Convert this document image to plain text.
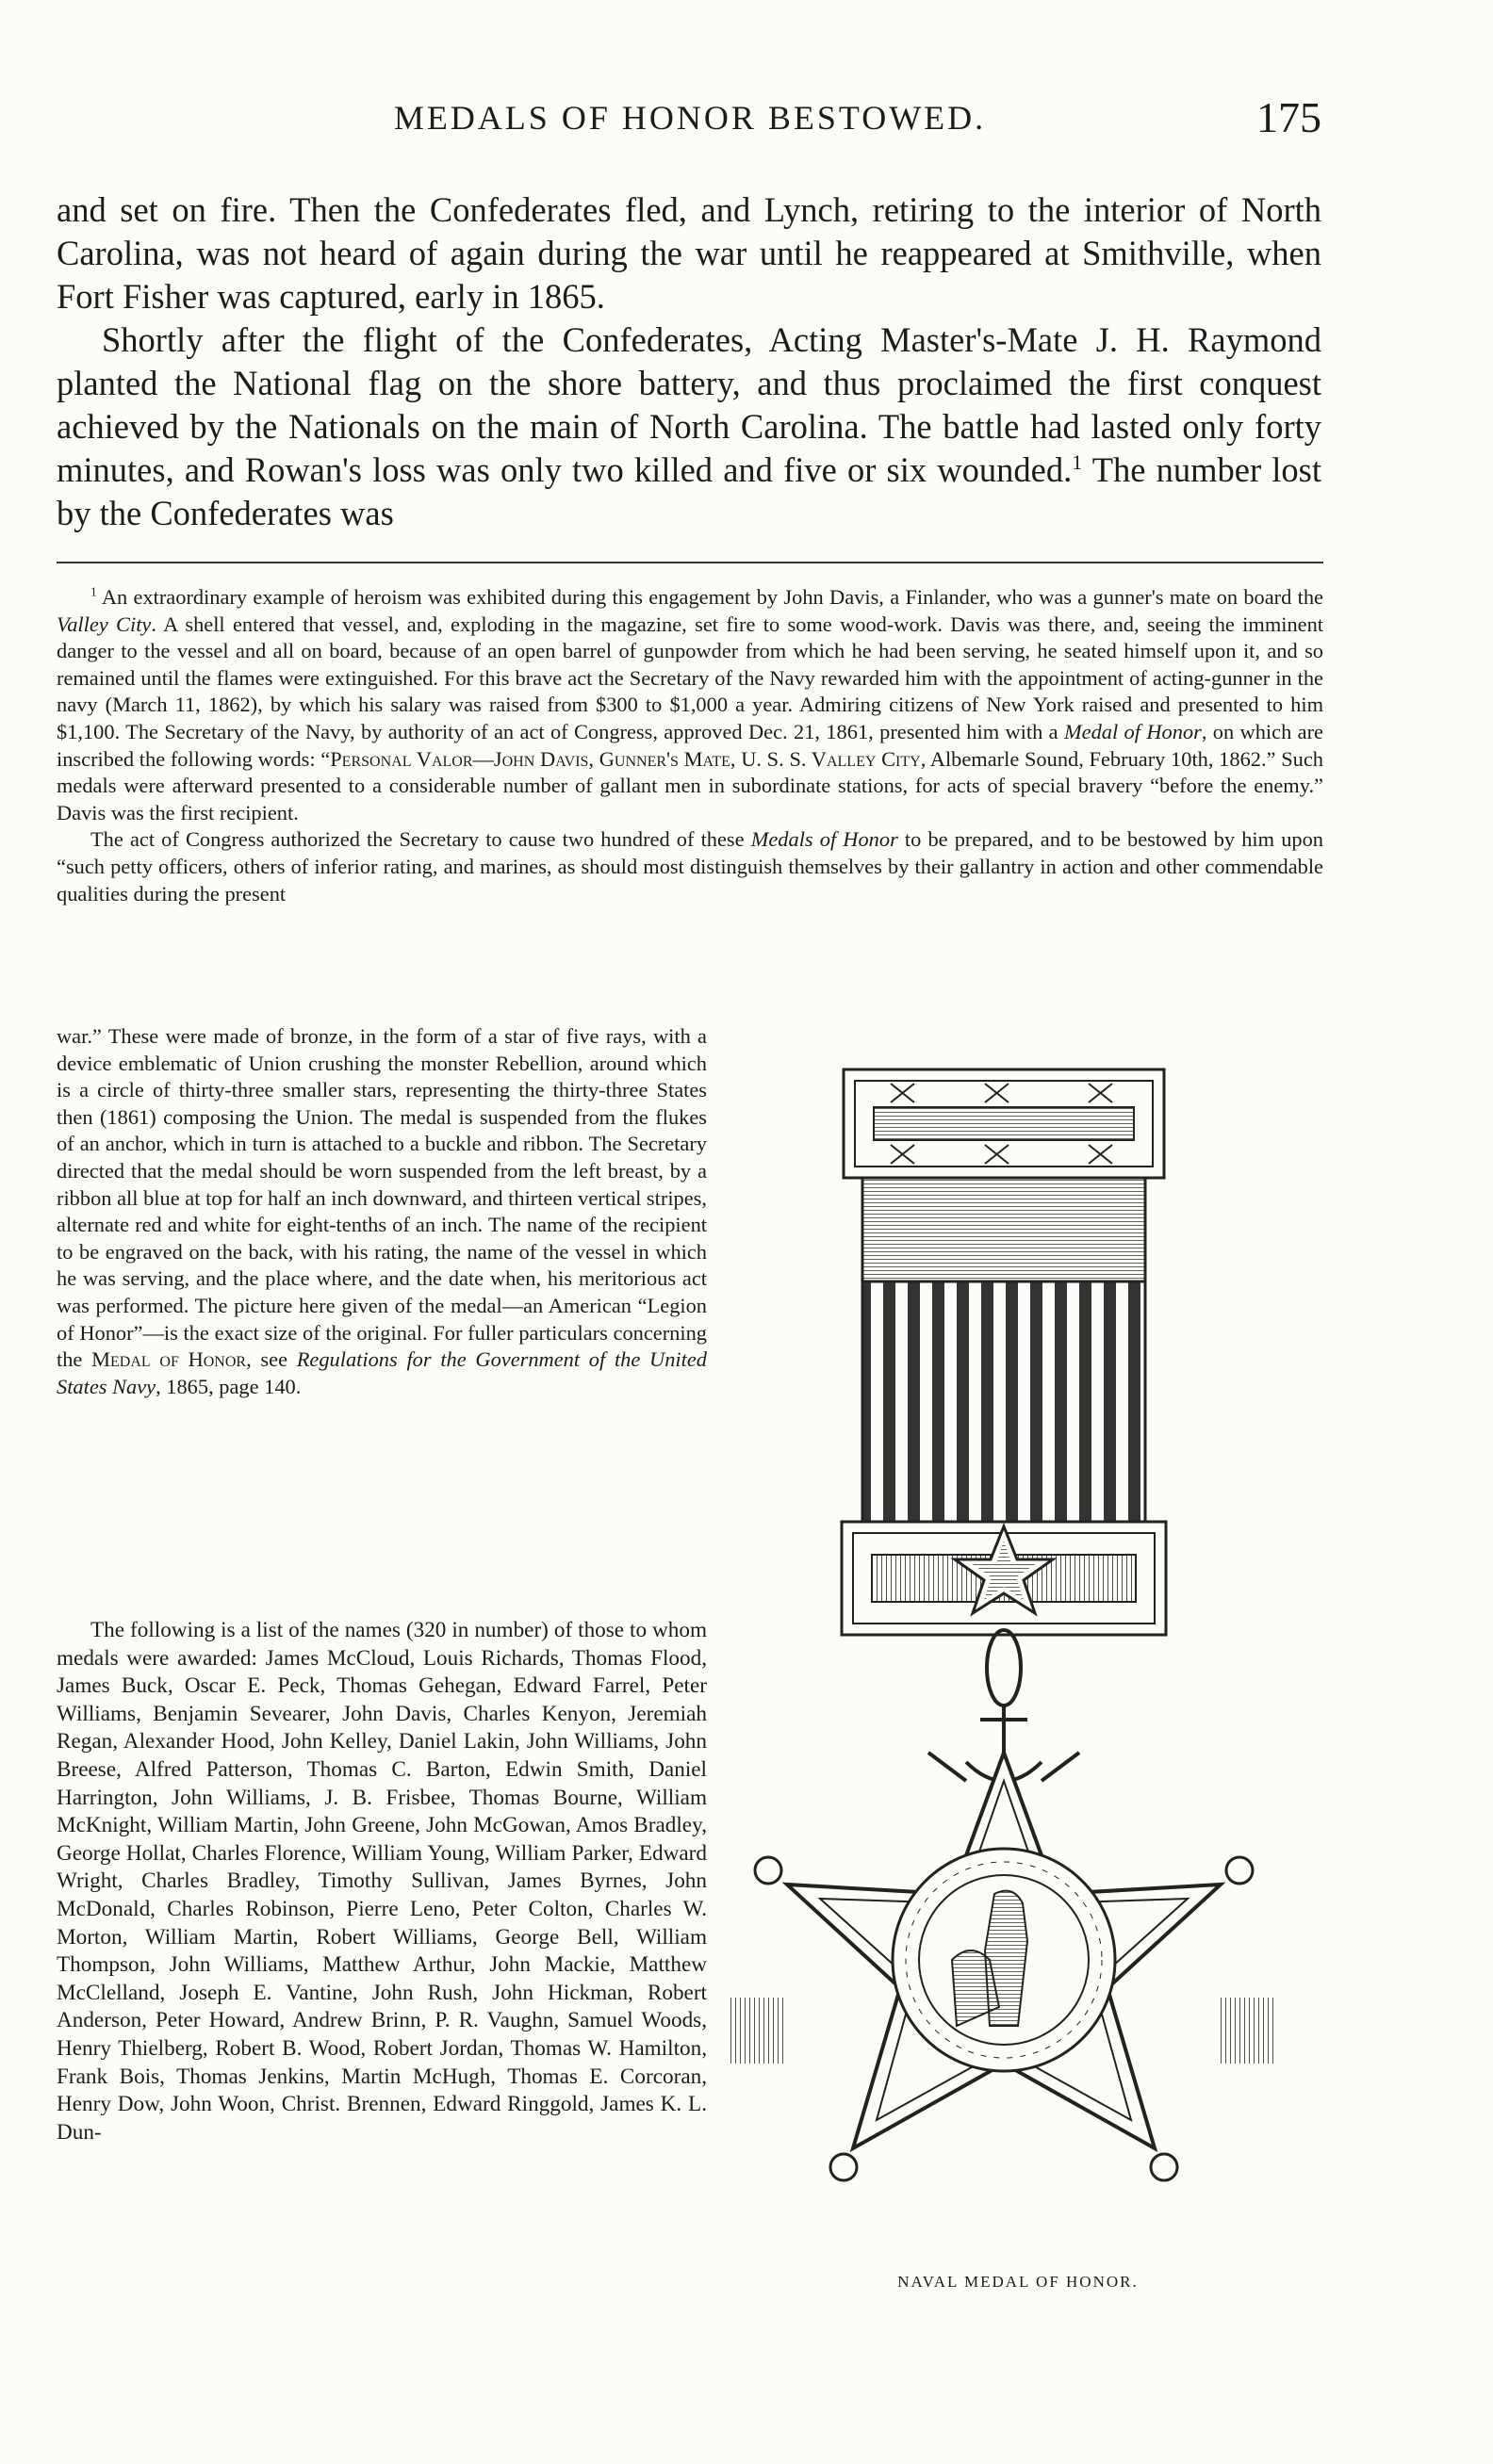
MEDALS OF HONOR BESTOWED.	175

and set on fire. Then the Confederates fled, and Lynch, retiring to the interior of North Carolina, was not heard of again during the war until he reappeared at Smithville, when Fort Fisher was captured, early in 1865.

Shortly after the flight of the Confederates, Acting Master's-Mate J. H. Raymond planted the National flag on the shore battery, and thus proclaimed the first conquest achieved by the Nationals on the main of North Carolina. The battle had lasted only forty minutes, and Rowan's loss was only two killed and five or six wounded.$^1$ The number lost by the Confederates was

$^1$ An extraordinary example of heroism was exhibited during this engagement by John Davis, a Finlander, who was a gunner's mate on board the Valley City. A shell entered that vessel, and, exploding in the magazine, set fire to some wood-work. Davis was there, and, seeing the imminent danger to the vessel and all on board, because of an open barrel of gunpowder from which he had been serving, he seated himself upon it, and so remained until the flames were extinguished. For this brave act the Secretary of the Navy rewarded him with the appointment of acting-gunner in the navy (March 11, 1862), by which his salary was raised from $300 to $1,000 a year. Admiring citizens of New York raised and presented to him $1,100. The Secretary of the Navy, by authority of an act of Congress, approved Dec. 21, 1861, presented him with a Medal of Honor, on which are inscribed the following words: “Personal Valor—John Davis, Gunner's Mate, U. S. S. Valley City, Albemarle Sound, February 10th, 1862.” Such medals were afterward presented to a considerable number of gallant men in subordinate stations, for acts of special bravery “before the enemy.” Davis was the first recipient.

The act of Congress authorized the Secretary to cause two hundred of these Medals of Honor to be prepared, and to be bestowed by him upon “such petty officers, others of inferior rating, and marines, as should most distinguish themselves by their gallantry in action and other commendable qualities during the present

war.” These were made of bronze, in the form of a star of five rays, with a device emblematic of Union crushing the monster Rebellion, around which is a circle of thirty-three smaller stars, representing the thirty-three States then (1861) composing the Union. The medal is suspended from the flukes of an anchor, which in turn is attached to a buckle and ribbon. The Secretary directed that the medal should be worn suspended from the left breast, by a ribbon all blue at top for half an inch downward, and thirteen vertical stripes, alternate red and white for eight-tenths of an inch. The name of the recipient to be engraved on the back, with his rating, the name of the vessel in which he was serving, and the place where, and the date when, his meritorious act was performed. The picture here given of the medal—an American “Legion of Honor”—is the exact size of the original. For fuller particulars concerning the Medal of Honor, see Regulations for the Government of the United States Navy, 1865, page 140.

The following is a list of the names (320 in number) of those to whom medals were awarded: James McCloud, Louis Richards, Thomas Flood, James Buck, Oscar E. Peck, Thomas Gehegan, Edward Farrel, Peter Williams, Benjamin Sevearer, John Davis, Charles Kenyon, Jeremiah Regan, Alexander Hood, John Kelley, Daniel Lakin, John Williams, John Breese, Alfred Patterson, Thomas C. Barton, Edwin Smith, Daniel Harrington, John Williams, J. B. Frisbee, Thomas Bourne, William McKnight, William Martin, John Greene, John McGowan, Amos Bradley, George Hollat, Charles Florence, William Young, William Parker, Edward Wright, Charles Bradley, Timothy Sullivan, James Byrnes, John McDonald, Charles Robinson, Pierre Leno, Peter Colton, Charles W. Morton, William Martin, Robert Williams, George Bell, William Thompson, John Williams, Matthew Arthur, John Mackie, Matthew McClelland, Joseph E. Vantine, John Rush, John Hickman, Robert Anderson, Peter Howard, Andrew Brinn, P. R. Vaughn, Samuel Woods, Henry Thielberg, Robert B. Wood, Robert Jordan, Thomas W. Hamilton, Frank Bois, Thomas Jenkins, Martin McHugh, Thomas E. Corcoran, Henry Dow, John Woon, Christ. Brennen, Edward Ringgold, James K. L. Dun-

NAVAL MEDAL OF HONOR.
